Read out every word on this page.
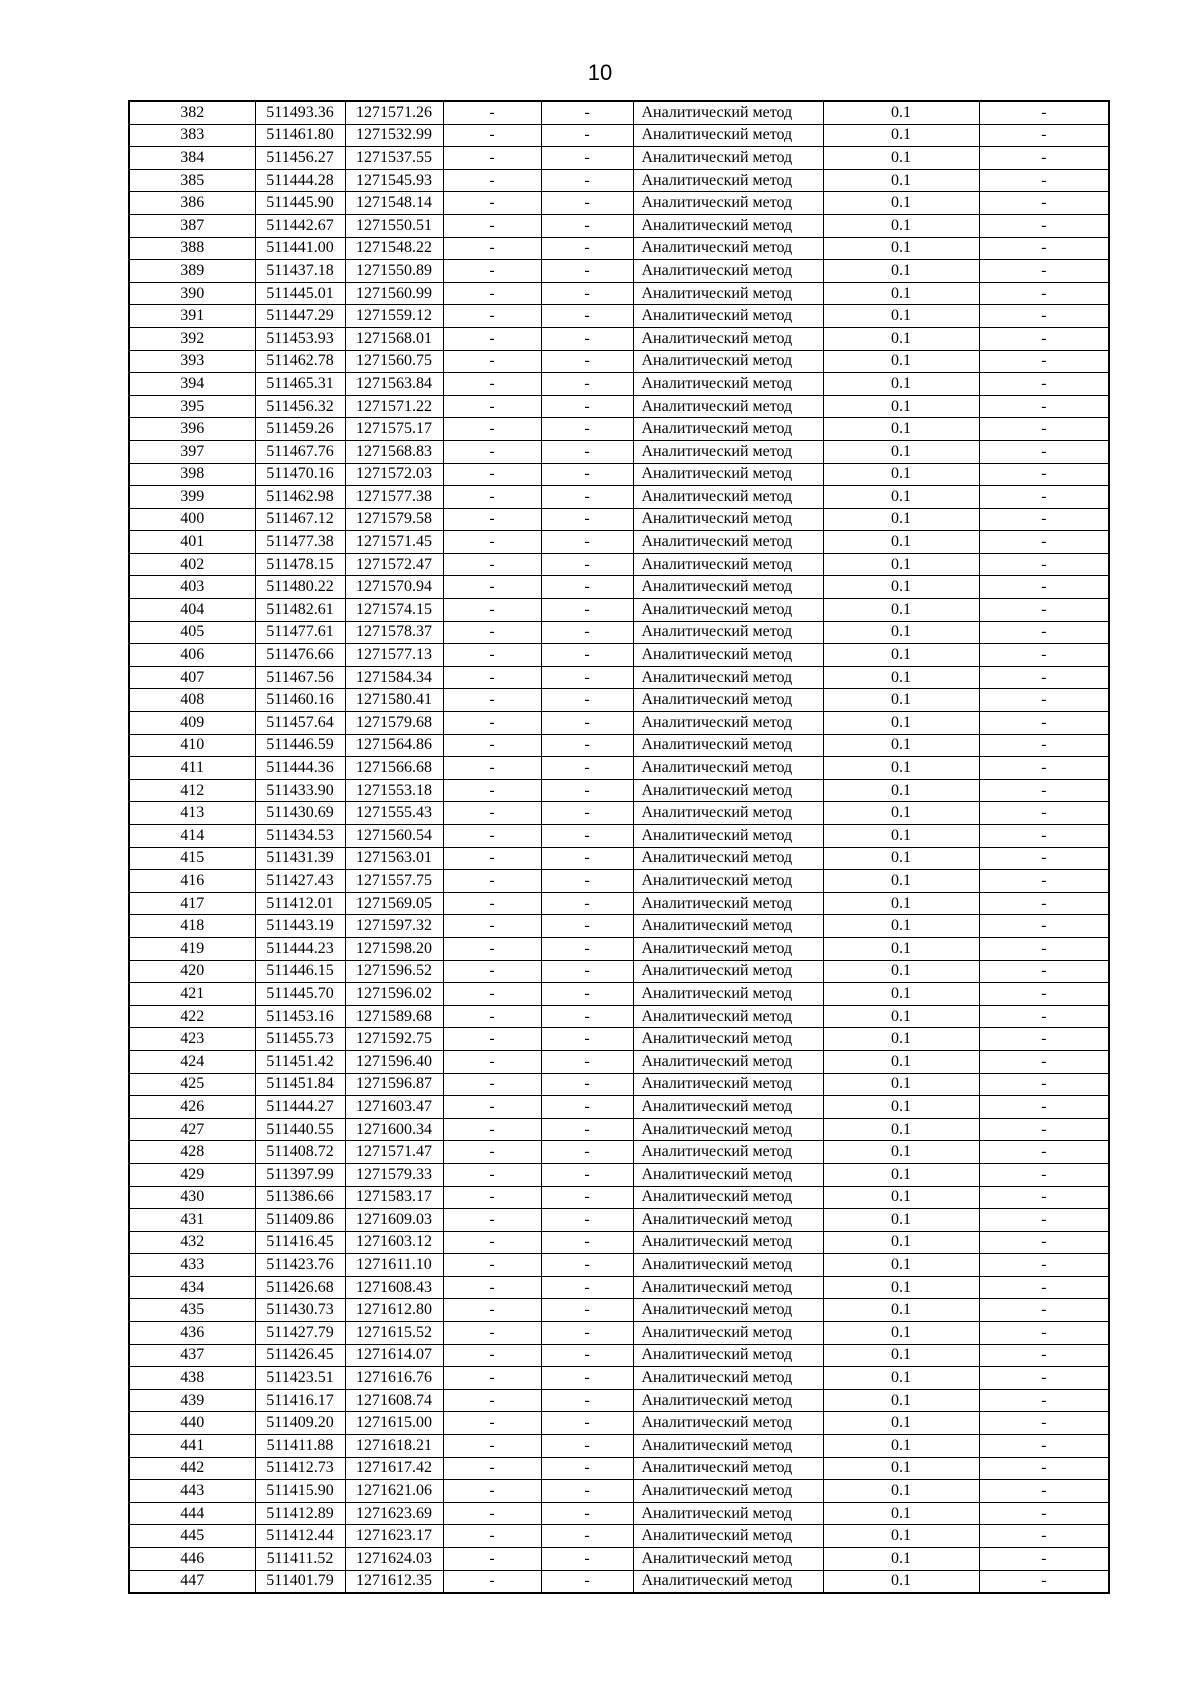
10
382	511493.36	1271571.26	-	-	Аналитический метод	0.1	-
383	511461.80	1271532.99	-	-	Аналитический метод	0.1	-
384	511456.27	1271537.55	-	-	Аналитический метод	0.1	-
385	511444.28	1271545.93	-	-	Аналитический метод	0.1	-
386	511445.90	1271548.14	-	-	Аналитический метод	0.1	-
387	511442.67	1271550.51	-	-	Аналитический метод	0.1	-
388	511441.00	1271548.22	-	-	Аналитический метод	0.1	-
389	511437.18	1271550.89	-	-	Аналитический метод	0.1	-
390	511445.01	1271560.99	-	-	Аналитический метод	0.1	-
391	511447.29	1271559.12	-	-	Аналитический метод	0.1	-
392	511453.93	1271568.01	-	-	Аналитический метод	0.1	-
393	511462.78	1271560.75	-	-	Аналитический метод	0.1	-
394	511465.31	1271563.84	-	-	Аналитический метод	0.1	-
395	511456.32	1271571.22	-	-	Аналитический метод	0.1	-
396	511459.26	1271575.17	-	-	Аналитический метод	0.1	-
397	511467.76	1271568.83	-	-	Аналитический метод	0.1	-
398	511470.16	1271572.03	-	-	Аналитический метод	0.1	-
399	511462.98	1271577.38	-	-	Аналитический метод	0.1	-
400	511467.12	1271579.58	-	-	Аналитический метод	0.1	-
401	511477.38	1271571.45	-	-	Аналитический метод	0.1	-
402	511478.15	1271572.47	-	-	Аналитический метод	0.1	-
403	511480.22	1271570.94	-	-	Аналитический метод	0.1	-
404	511482.61	1271574.15	-	-	Аналитический метод	0.1	-
405	511477.61	1271578.37	-	-	Аналитический метод	0.1	-
406	511476.66	1271577.13	-	-	Аналитический метод	0.1	-
407	511467.56	1271584.34	-	-	Аналитический метод	0.1	-
408	511460.16	1271580.41	-	-	Аналитический метод	0.1	-
409	511457.64	1271579.68	-	-	Аналитический метод	0.1	-
410	511446.59	1271564.86	-	-	Аналитический метод	0.1	-
411	511444.36	1271566.68	-	-	Аналитический метод	0.1	-
412	511433.90	1271553.18	-	-	Аналитический метод	0.1	-
413	511430.69	1271555.43	-	-	Аналитический метод	0.1	-
414	511434.53	1271560.54	-	-	Аналитический метод	0.1	-
415	511431.39	1271563.01	-	-	Аналитический метод	0.1	-
416	511427.43	1271557.75	-	-	Аналитический метод	0.1	-
417	511412.01	1271569.05	-	-	Аналитический метод	0.1	-
418	511443.19	1271597.32	-	-	Аналитический метод	0.1	-
419	511444.23	1271598.20	-	-	Аналитический метод	0.1	-
420	511446.15	1271596.52	-	-	Аналитический метод	0.1	-
421	511445.70	1271596.02	-	-	Аналитический метод	0.1	-
422	511453.16	1271589.68	-	-	Аналитический метод	0.1	-
423	511455.73	1271592.75	-	-	Аналитический метод	0.1	-
424	511451.42	1271596.40	-	-	Аналитический метод	0.1	-
425	511451.84	1271596.87	-	-	Аналитический метод	0.1	-
426	511444.27	1271603.47	-	-	Аналитический метод	0.1	-
427	511440.55	1271600.34	-	-	Аналитический метод	0.1	-
428	511408.72	1271571.47	-	-	Аналитический метод	0.1	-
429	511397.99	1271579.33	-	-	Аналитический метод	0.1	-
430	511386.66	1271583.17	-	-	Аналитический метод	0.1	-
431	511409.86	1271609.03	-	-	Аналитический метод	0.1	-
432	511416.45	1271603.12	-	-	Аналитический метод	0.1	-
433	511423.76	1271611.10	-	-	Аналитический метод	0.1	-
434	511426.68	1271608.43	-	-	Аналитический метод	0.1	-
435	511430.73	1271612.80	-	-	Аналитический метод	0.1	-
436	511427.79	1271615.52	-	-	Аналитический метод	0.1	-
437	511426.45	1271614.07	-	-	Аналитический метод	0.1	-
438	511423.51	1271616.76	-	-	Аналитический метод	0.1	-
439	511416.17	1271608.74	-	-	Аналитический метод	0.1	-
440	511409.20	1271615.00	-	-	Аналитический метод	0.1	-
441	511411.88	1271618.21	-	-	Аналитический метод	0.1	-
442	511412.73	1271617.42	-	-	Аналитический метод	0.1	-
443	511415.90	1271621.06	-	-	Аналитический метод	0.1	-
444	511412.89	1271623.69	-	-	Аналитический метод	0.1	-
445	511412.44	1271623.17	-	-	Аналитический метод	0.1	-
446	511411.52	1271624.03	-	-	Аналитический метод	0.1	-
447	511401.79	1271612.35	-	-	Аналитический метод	0.1	-
